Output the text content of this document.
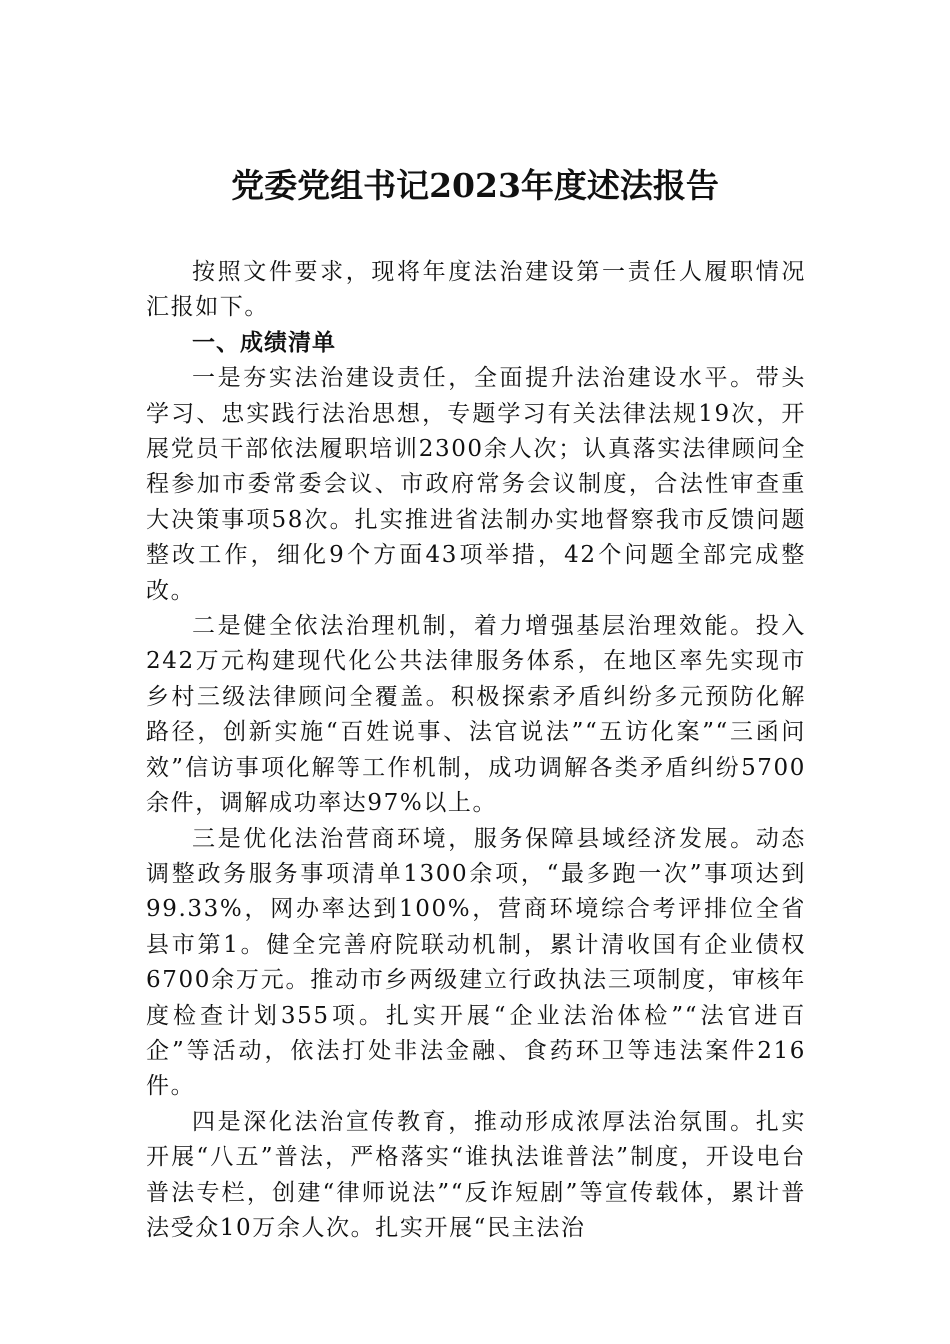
党委党组书记2023年度述法报告

按照文件要求，现将年度法治建设第一责任人履职情况汇报如下。

一、成绩清单

一是夯实法治建设责任，全面提升法治建设水平。带头学习、忠实践行法治思想，专题学习有关法律法规19次，开展党员干部依法履职培训2300余人次；认真落实法律顾问全程参加市委常委会议、市政府常务会议制度，合法性审查重大决策事项58次。扎实推进省法制办实地督察我市反馈问题整改工作，细化9个方面43项举措，42个问题全部完成整改。

二是健全依法治理机制，着力增强基层治理效能。投入242万元构建现代化公共法律服务体系，在地区率先实现市乡村三级法律顾问全覆盖。积极探索矛盾纠纷多元预防化解路径，创新实施“百姓说事、法官说法”“五访化案”“三函问效”信访事项化解等工作机制，成功调解各类矛盾纠纷5700余件，调解成功率达97%以上。

三是优化法治营商环境，服务保障县域经济发展。动态调整政务服务事项清单1300余项，“最多跑一次”事项达到99.33%，网办率达到100%，营商环境综合考评排位全省县市第1。健全完善府院联动机制，累计清收国有企业债权6700余万元。推动市乡两级建立行政执法三项制度，审核年度检查计划355项。扎实开展“企业法治体检”“法官进百企”等活动，依法打处非法金融、食药环卫等违法案件216件。

四是深化法治宣传教育，推动形成浓厚法治氛围。扎实开展“八五”普法，严格落实“谁执法谁普法”制度，开设电台普法专栏，创建“律师说法”“反诈短剧”等宣传载体，累计普法受众10万余人次。扎实开展“民主法治
